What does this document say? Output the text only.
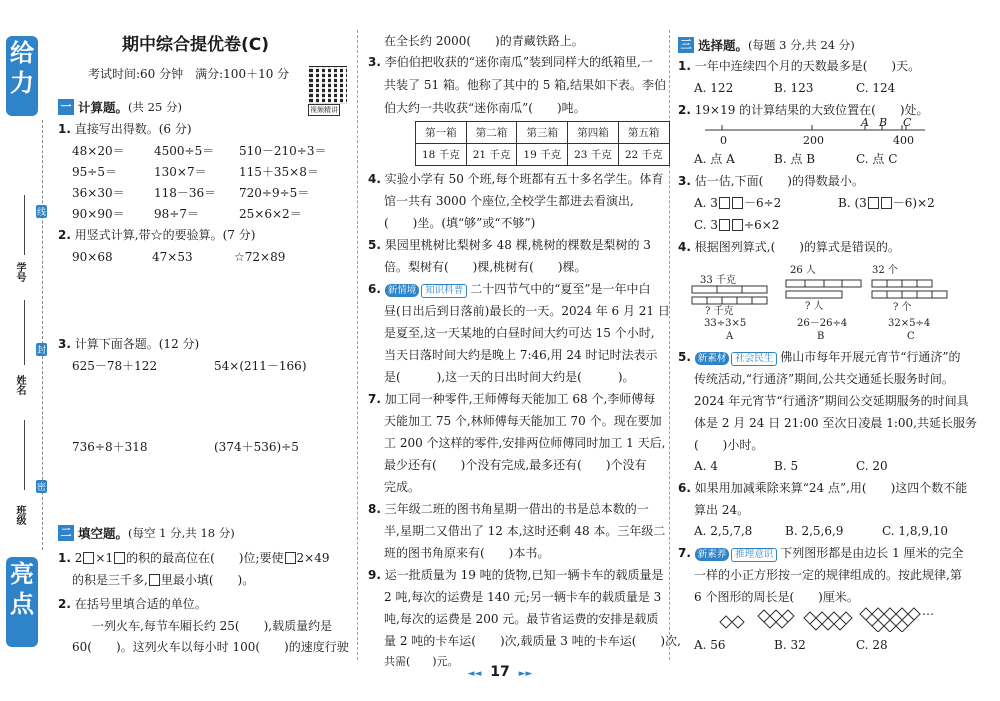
给力
亮点
线
封
密
学号
姓名
班级
期中综合提优卷(C)
考试时间:60 分钟　满分:100＋10 分
视频精讲
一 计算题。 (共 25 分)
1. 直接写出得数。(6 分)
48×20＝ 4500÷5＝ 510－210÷3＝
95÷5＝	130×7＝	115＋35×8＝
36×30＝ 118－36＝ 720÷9÷5＝
90×90＝ 98÷7＝	25×6×2＝
2. 用竖式计算,带☆的要验算。(7 分)
90×68	47×53	☆72×89
3. 计算下面各题。(12 分)
625－78＋122	54×(211－166)
736÷8＋318	(374＋536)÷5
二 填空题。 (每空 1 分,共 18 分)
1. 2 ×1 的积的最高位在(　　)位;要使 2×49
的积是三千多, 里最小填(　　)。
2. 在括号里填合适的单位。
一列火车,每节车厢长约 25(　　),载质量约是
60(　　)。这列火车以每小时 100(　　)的速度行驶
在全长约 2000(　　)的青藏铁路上。
3. 李伯伯把收获的“迷你南瓜”装到同样大的纸箱里,一
共装了 51 箱。他称了其中的 5 箱,结果如下表。李伯
伯大约一共收获“迷你南瓜”(　　)吨。
第一箱	第二箱	第三箱	第四箱	第五箱
18 千克	21 千克	19 千克	23 千克	22 千克
4. 实验小学有 50 个班,每个班都有五十多名学生。体育
馆一共有 3000 个座位,全校学生都进去看演出,
(　　)坐。(填“够”或“不够”)
5. 果园里桃树比梨树多 48 棵,桃树的棵数是梨树的 3
倍。梨树有(　　)棵,桃树有(　　)棵。
6. 新情境 知识科普 二十四节气中的“夏至”是一年中白
昼(日出后到日落前)最长的一天。2024 年 6 月 21 日
是夏至,这一天某地的白昼时间大约可达 15 个小时,
当天日落时间大约是晚上 7:46,用 24 时记时法表示
是(　　　),这一天的日出时间大约是(　　　)。
7. 加工同一种零件,王师傅每天能加工 68 个,李师傅每
天能加工 75 个,林师傅每天能加工 70 个。现在要加
工 200 个这样的零件,安排两位师傅同时加工 1 天后,
最少还有(　　)个没有完成,最多还有(　　)个没有
完成。
8. 三年级二班的图书角星期一借出的书是总本数的一
半,星期二又借出了 12 本,这时还剩 48 本。三年级二
班的图书角原来有(　　)本书。
9. 运一批质量为 19 吨的货物,已知一辆卡车的载质量是
2 吨,每次的运费是 140 元;另一辆卡车的载质量是 3
吨,每次的运费是 200 元。最节省运费的安排是载质
量 2 吨的卡车运(　　)次,载质量 3 吨的卡车运(　　)次,
共需(　　)元。
三 选择题。 (每题 3 分,共 24 分)
1. 一年中连续四个月的天数最多是(　　)天。
A. 122	B. 123	C. 124
2. 19×19 的计算结果的大致位置在(　　)处。
0	200	400
A B C
A. 点 A	B. 点 B	C. 点 C
3. 估一估,下面(　　)的得数最小。
A. 3 －6÷2	B. (3 －6)×2
C. 3 ÷6×2
4. 根据图列算式,(　　)的算式是错误的。
33 千克
? 千克
33÷3×5
A
26 人
? 人
26－26÷4
B
32 个
? 个
32×5÷4
C
5. 新素材 社会民生 佛山市每年开展元宵节“行通济”的
传统活动,“行通济”期间,公共交通延长服务时间。
2024 年元宵节“行通济”期间公交延期服务的时间具
体是 2 月 24 日 21:00 至次日凌晨 1:00,共延长服务
(　　)小时。
A. 4	B. 5	C. 20
6. 如果用加减乘除来算“24 点”,用(　　)这四个数不能
算出 24。
A. 2,5,7,8	B. 2,5,6,9	C. 1,8,9,10
7. 新素养 推理意识 下列图形都是由边长 1 厘米的完全
一样的小正方形按一定的规律组成的。按此规律,第
6 个图形的周长是(　　)厘米。
…
A. 56	B. 32	C. 28
◄◄ 17 ►►
